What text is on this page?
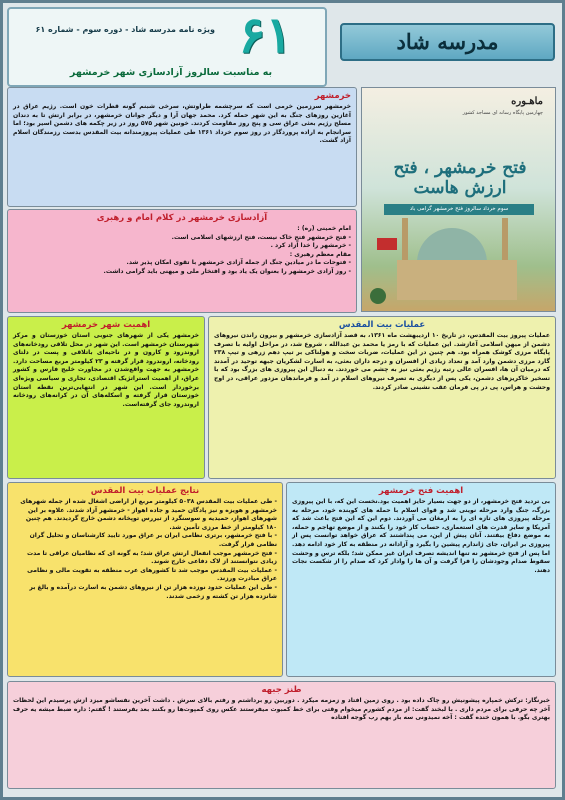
ویژه نامه مدرسه شاد - دوره سوم - شماره ۶۱
به مناسبت سالروز آزادسازی شهر خرمشهر
۶۱	مدرسه شاد
خرمشهر

خرمشهر سرزمین خرمی است که سرچشمه طراوتش، سرخی شبنم گونه قطرات خون است. رژیم عراق در آغازین روزهای جنگ به این شهر حمله کرد. محمد جهان آرا و دیگر جوانان خرمشهر، در برابر ارتش تا به دندان مسلح رژیم بعثی عراق سی و پنج روز مقاومت کردند. خونین شهر ۵۷۵ روز در زیر چکمه های دشمن اسیر بود؛ اما سرانجام به اراده پروردگار در روز سوم خرداد ۱۳۶۱ طی عملیات پیروزمندانه بیت المقدس بدست رزمندگان اسلام آزاد گشت.

ماهـوره
چهارمین پایگاه رسانه ای مساجد کشور
فتح خرمشهر ، فتح ارزش هاست
سوم خرداد سالروز فتح خرمشهر گرامی باد
آزادسازی خرمشهر در کلام امام و رهبری
امام خمینی (ره) :
- فتح خرمشهر فتح خاک نیست، فتح ارزشهای اسلامی است.
- خرمشهر را خدا آزاد کرد .
مقام معظم رهبری :
- فتوحات ما در میادین جنگ از جمله آزادی خرمشهر با تقوی امکان پذیر شد.
- روز آزادی خرمشهر را بعنوان یک یاد بود و افتخار ملی و میهنی باید گرامی داشت.
اهمیت شهر خرمشهر

خرمشهر یکی از شهرهای جنوبی استان خوزستان و مرکز شهرستان خرمشهر است. این شهر در محل تلاقی رودخانه‌های اروندرود و کارون و در ناحیه‌ای باتلاقی و پست در دلتای رودخانه، اروندرود قرار گرفته و ۲۳ کیلومتر مربع مساحت دارد. خرمشهر به جهت واقع‌شدن در مجاورت خلیج فارس و کشور عراق، از اهمیت استراتژیک اقتصادی، تجاری و سیاسی ویژه‌ای برخوردار است. این شهر در انتهایی‌ترین نقطه استان خوزستان قرار گرفته و اسکله‌های آن در کرانه‌های رودخانه اروندرود جای گرفته‌است.

عملیات بیت المقدس

عملیات پیروز بیت المقدس، در تاریخ ۱۰ اردیبهشت ماه ۱۳۶۱، به قصد آزادسازی خرمشهر و بیرون راندن نیروهای دشمن از میهن اسلامی آغازشد. این عملیات که با رمز یا محمد بن عبدالله ، شروع شد، در مراحل اولیه با تصرف پایگاه مرزی کوشک همراه بود. هم چنین در این عملیات، ضربات سخت و هولناکی بر تیپ دهم زرهی و تیپ ۲۳۸ گارد مرزی دشمن وارد آمد و تعداد زیادی از افسران و درجه داران بعثی، به اسارت لشکریان جبهه توحید در آمدند که درمیان آن ها، افسران عالی رتبه رژیم بعثی نیز به چشم می خوردند. به دنبال این پیروزی های بزرگ بود که با تسخیر خاکریزهای دشمن، یکی پس از دیگری به تصرف نیروهای اسلام در آمد و فرماندهان مزدور عراقی، در اوج وحشت و هراس، پی در پی فرمان عقب نشینی صادر کردند.

نتایج عملیات بیت المقدس
- طی عملیات بیت المقدس ۵۰۳۸ کیلومتر مربع از اراضی اشغال شده از جمله شهرهای خرمشهر و هویزه و نیز پادگان حمید و جاده اهواز - خرمشهر آزاد شدند. علاوه بر این شهرهای اهواز، حمیدیه و سوسنگرد از تیررس توپخانه دشمن خارج گردیدند. هم چنین ۱۸۰ کیلومتر از خط مرزی تأمین شد.
- با فتح خرمشهر، برتری نظامی ایران بر عراق مورد تایید کارشناسان و تحلیل گران نظامی قرار گرفت.
- فتح خرمشهر موجب انفعال ارتش عراق شد؛ به گونه ای که نظامیان عراقی تا مدت زیادی نتوانستند از لاک دفاعی خارج شوند.
- عملیات بیت المقدس موجب شد تا کشورهای عرب منطقه به تقویت مالی و نظامی عراق مبادرت ورزند.
- طی این عملیات حدود نوزده هزار تن از نیروهای دشمن به اسارت درآمده و بالغ بر شانزده هزار تن کشته و زخمی شدند.
اهمیت فتح خرمشهر

بی تردید فتح خرمشهر، از دو جهت بسیار حایز اهمیت بود.نخست این که، با این پیروزی بزرگ، جنگ وارد مرحله نوینی شد و قوای اسلام با حمله های کوبنده خود، مرحله به مرحله پیروزی های تازه ای را به ارمغان می آوردند. دوم این که این فتح باعث شد که آمریکا و سایر قدرت های استعماری، حساب کار خود را بکنند و از موضع تهاجم و حمله، به موضع دفاع بیفتند. آنان پیش از این، می پنداشتند که عراق خواهد توانست پس از پیروزی بر ایران، جای ژاندارم پیشین را بگیرد و آزادانه در منطقه به کار خود ادامه دهد. اما پس از فتح خرمشهر نه تنها اندیشه تصرف ایران غیر ممکن شد؛ بلکه ترس و وحشت سقوط صدام وجودشان را فرا گرفت و آن ها را وادار کرد که صدام را از شکست نجات دهند.

طنز جبهه

خبرنگار: ترکش خمپاره پیشونیش رو چاک داده بود . روی زمین افتاد و زمزمه میکرد . دوربین رو برداشتم و رفتم بالای سرش . داشت آخرین نفساشو میزد ازش پرسیدم این لحظات آخر چه حرفی برای مردم داری . با لبخند گفت: از مردم کشورم میخوام وقتی برای خط کمبوت میفرستند عکس روی کمپوت‌ها رو بکنند بعد بفرستند ! گفتم: داره ضبط میشه یه حرف بهتری بگو. با همون خنده گفت : آخه نمیدونی سه بار بهم رب گوجه افتاده
